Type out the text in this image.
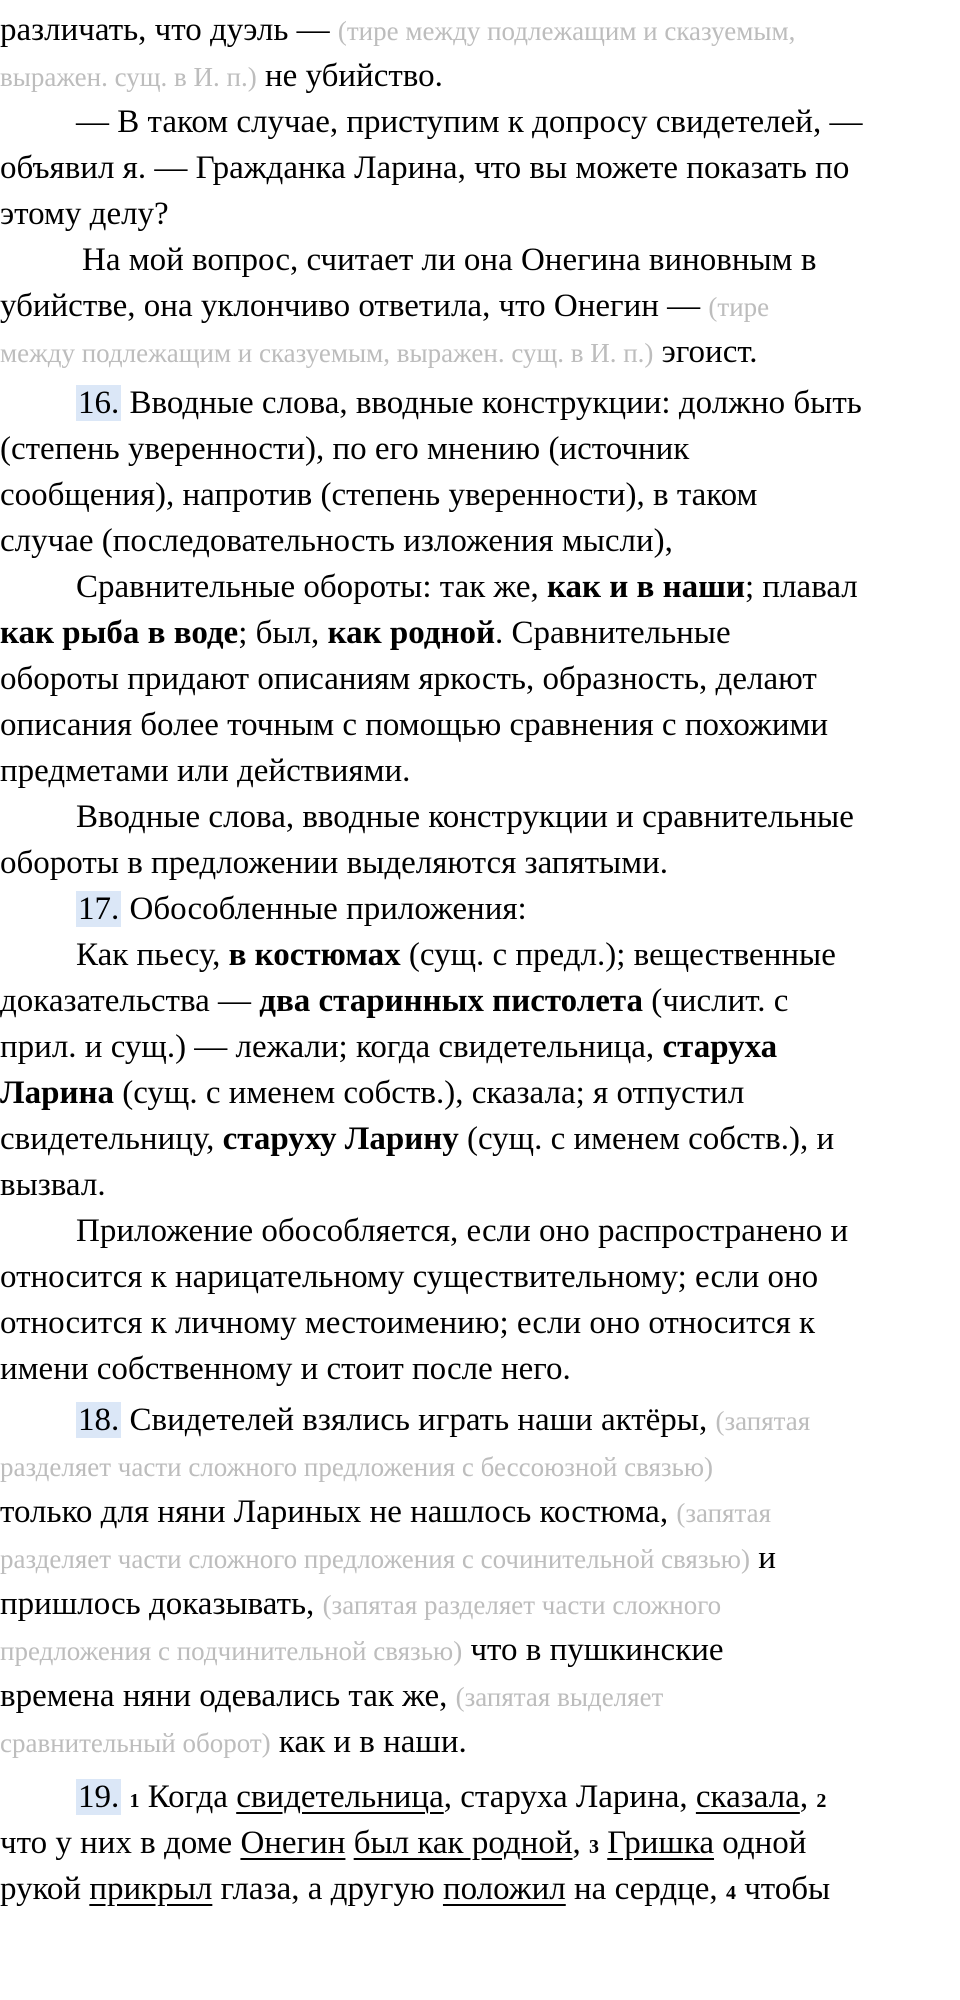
различать, что дуэль — (тире между подлежащим и сказуемым,
выражен. сущ. в И. п.) не убийство.
— В таком случае, приступим к допросу свидетелей, —
объявил я. — Гражданка Ларина, что вы можете показать по
этому делу?
На мой вопрос, считает ли она Онегина виновным в
убийстве, она уклончиво ответила, что Онегин — (тире
между подлежащим и сказуемым, выражен. сущ. в И. п.) эгоист.
16. Вводные слова, вводные конструкции: должно быть
(степень уверенности), по его мнению (источник
сообщения), напротив (степень уверенности), в таком
случае (последовательность изложения мысли),
Сравнительные обороты: так же, как и в наши; плавал
как рыба в воде; был, как родной. Сравнительные
обороты придают описаниям яркость, образность, делают
описания более точным с помощью сравнения с похожими
предметами или действиями.
Вводные слова, вводные конструкции и сравнительные
обороты в предложении выделяются запятыми.
17. Обособленные приложения:
Как пьесу, в костюмах (сущ. с предл.); вещественные
доказательства — два старинных пистолета (числит. с
прил. и сущ.) — лежали; когда свидетельница, старуха
Ларина (сущ. с именем собств.), сказала; я отпустил
свидетельницу, старуху Ларину (сущ. с именем собств.), и
вызвал.
Приложение обособляется, если оно распространено и
относится к нарицательному существительному; если оно
относится к личному местоимению; если оно относится к
имени собственному и стоит после него.
18. Свидетелей взялись играть наши актёры, (запятая
разделяет части сложного предложения с бессоюзной связью)
только для няни Лариных не нашлось костюма, (запятая
разделяет части сложного предложения с сочинительной связью) и
пришлось доказывать, (запятая разделяет части сложного
предложения с подчинительной связью) что в пушкинские
времена няни одевались так же, (запятая выделяет
сравнительный оборот) как и в наши.
19. 1 Когда свидетельница, старуха Ларина, сказала, 2
что у них в доме Онегин был как родной, 3 Гришка одной
рукой прикрыл глаза, а другую положил на сердце, 4 чтобы
